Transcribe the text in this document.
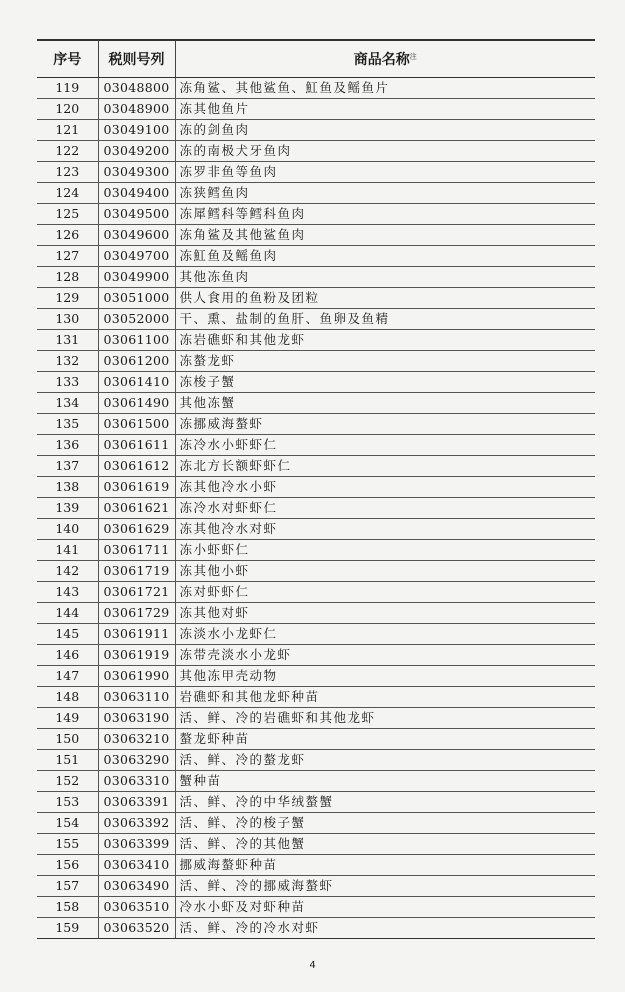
序号	税则号列	商品名称$^注$
119	03048800	冻角鲨、其他鲨鱼、魟鱼及鳐鱼片
120	03048900	冻其他鱼片
121	03049100	冻的剑鱼肉
122	03049200	冻的南极犬牙鱼肉
123	03049300	冻罗非鱼等鱼肉
124	03049400	冻狭鳕鱼肉
125	03049500	冻犀鳕科等鳕科鱼肉
126	03049600	冻角鲨及其他鲨鱼肉
127	03049700	冻魟鱼及鳐鱼肉
128	03049900	其他冻鱼肉
129	03051000	供人食用的鱼粉及团粒
130	03052000	干、熏、盐制的鱼肝、鱼卵及鱼精
131	03061100	冻岩礁虾和其他龙虾
132	03061200	冻螯龙虾
133	03061410	冻梭子蟹
134	03061490	其他冻蟹
135	03061500	冻挪威海螯虾
136	03061611	冻冷水小虾虾仁
137	03061612	冻北方长额虾虾仁
138	03061619	冻其他冷水小虾
139	03061621	冻冷水对虾虾仁
140	03061629	冻其他冷水对虾
141	03061711	冻小虾虾仁
142	03061719	冻其他小虾
143	03061721	冻对虾虾仁
144	03061729	冻其他对虾
145	03061911	冻淡水小龙虾仁
146	03061919	冻带壳淡水小龙虾
147	03061990	其他冻甲壳动物
148	03063110	岩礁虾和其他龙虾种苗
149	03063190	活、鲜、冷的岩礁虾和其他龙虾
150	03063210	螯龙虾种苗
151	03063290	活、鲜、冷的螯龙虾
152	03063310	蟹种苗
153	03063391	活、鲜、冷的中华绒螯蟹
154	03063392	活、鲜、冷的梭子蟹
155	03063399	活、鲜、冷的其他蟹
156	03063410	挪威海螯虾种苗
157	03063490	活、鲜、冷的挪威海螯虾
158	03063510	冷水小虾及对虾种苗
159	03063520	活、鲜、冷的冷水对虾
4
